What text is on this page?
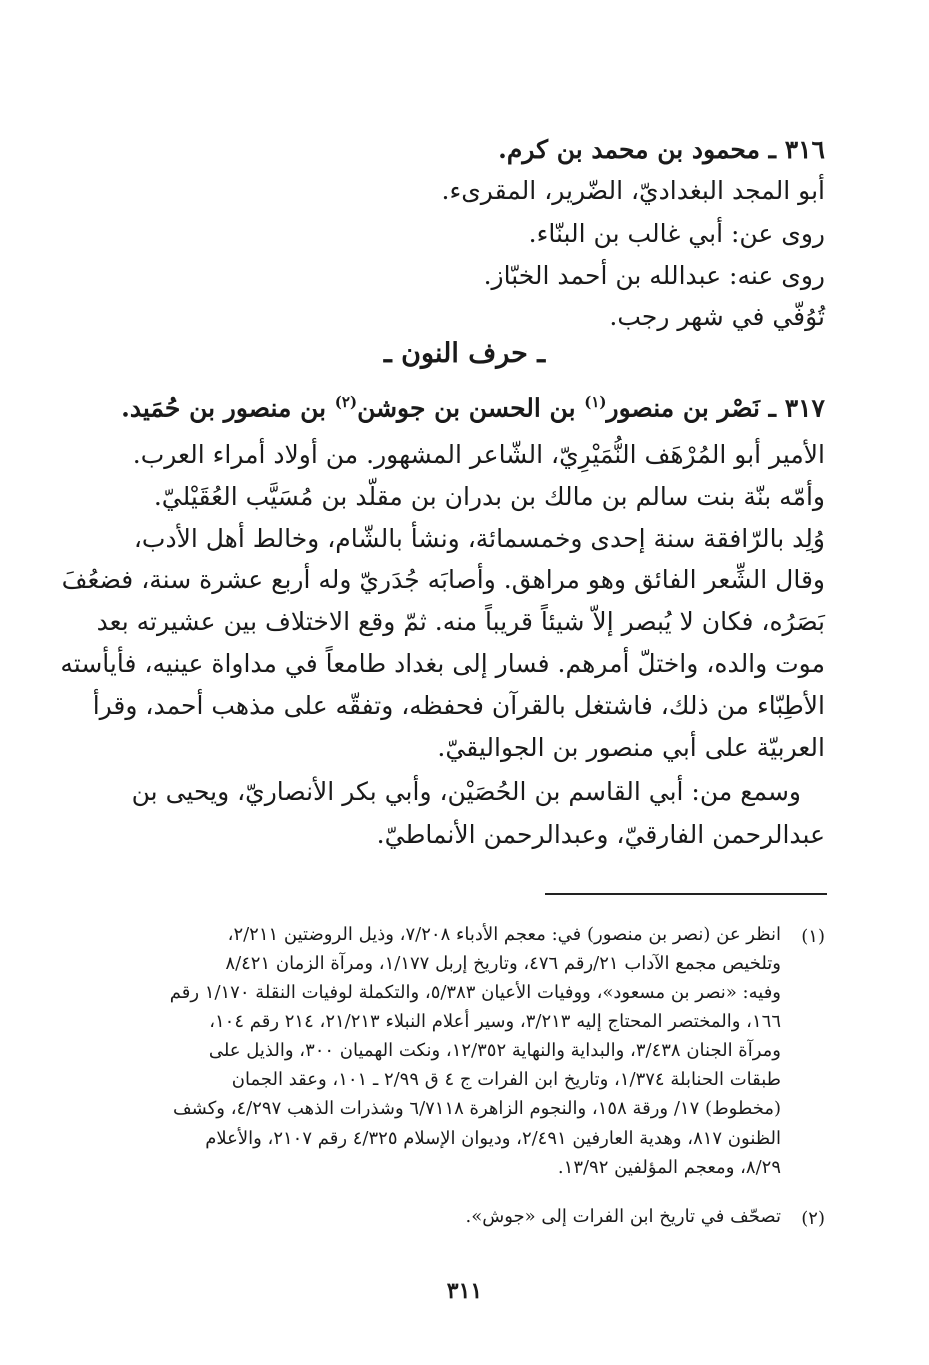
٣١٦ ـ محمود بن محمد بن كرم.
أبو المجد البغداديّ، الضّرير، المقرىء.
روى عن: أبي غالب بن البنّاء.
روى عنه: عبدالله بن أحمد الخبّاز.
تُوُفّي في شهر رجب.
ـ حرف النون ـ
٣١٧ ـ نَصْر بن منصور$^{(١)}$ بن الحسن بن جوشن$^{(٢)}$ بن منصور بن حُمَيد.
الأمير أبو المُرْهَف النُّمَيْرِيّ، الشّاعر المشهور. من أولاد أمراء العرب.
وأمّه بنّة بنت سالم بن مالك بن بدران بن مقلّد بن مُسَيَّب العُقَيْليّ.
وُلِد بالرّافقة سنة إحدى وخمسمائة، ونشأ بالشّام، وخالط أهل الأدب،
وقال الشِّعر الفائق وهو مراهق. وأصابَه جُدَريّ وله أربع عشرة سنة، فضعُفَ
بَصَرُه، فكان لا يُبصر إلاّ شيئاً قريباً منه. ثمّ وقع الاختلاف بين عشيرته بعد
موت والده، واختلّ أمرهم. فسار إلى بغداد طامعاً في مداواة عينيه، فأيأسته
الأطِبّاء من ذلك، فاشتغل بالقرآن فحفظه، وتفقّه على مذهب أحمد، وقرأ
العربيّة على أبي منصور بن الجواليقيّ.
وسمع من: أبي القاسم بن الحُصَيْن، وأبي بكر الأنصاريّ، ويحيى بن
عبدالرحمن الفارقيّ، وعبدالرحمن الأنماطيّ.
(١)
انظر عن (نصر بن منصور) في: معجم الأدباء ٧/٢٠٨، وذيل الروضتين ٢/٢١١،
وتلخيص مجمع الآداب ٢١/رقم ٤٧٦، وتاريخ إربل ١/١٧٧، ومرآة الزمان ٨/٤٢١
وفيه: «نصر بن مسعود»، ووفيات الأعيان ٥/٣٨٣، والتكملة لوفيات النقلة ١/١٧٠ رقم
١٦٦، والمختصر المحتاج إليه ٣/٢١٣، وسير أعلام النبلاء ٢١/٢١٣، ٢١٤ رقم ١٠٤،
ومرآة الجنان ٣/٤٣٨، والبداية والنهاية ١٢/٣٥٢، ونكت الهميان ٣٠٠، والذيل على
طبقات الحنابلة ١/٣٧٤، وتاريخ ابن الفرات ج ٤ ق ٢/٩٩ ـ ١٠١، وعقد الجمان
(مخطوط) ١٧/ ورقة ١٥٨، والنجوم الزاهرة ٦/٧١١٨ وشذرات الذهب ٤/٢٩٧، وكشف
الظنون ٨١٧، وهدية العارفين ٢/٤٩١، وديوان الإسلام ٤/٣٢٥ رقم ٢١٠٧، والأعلام
٨/٢٩، ومعجم المؤلفين ١٣/٩٢.
(٢)
تصحّف في تاريخ ابن الفرات إلى «جوش».
٣١١
